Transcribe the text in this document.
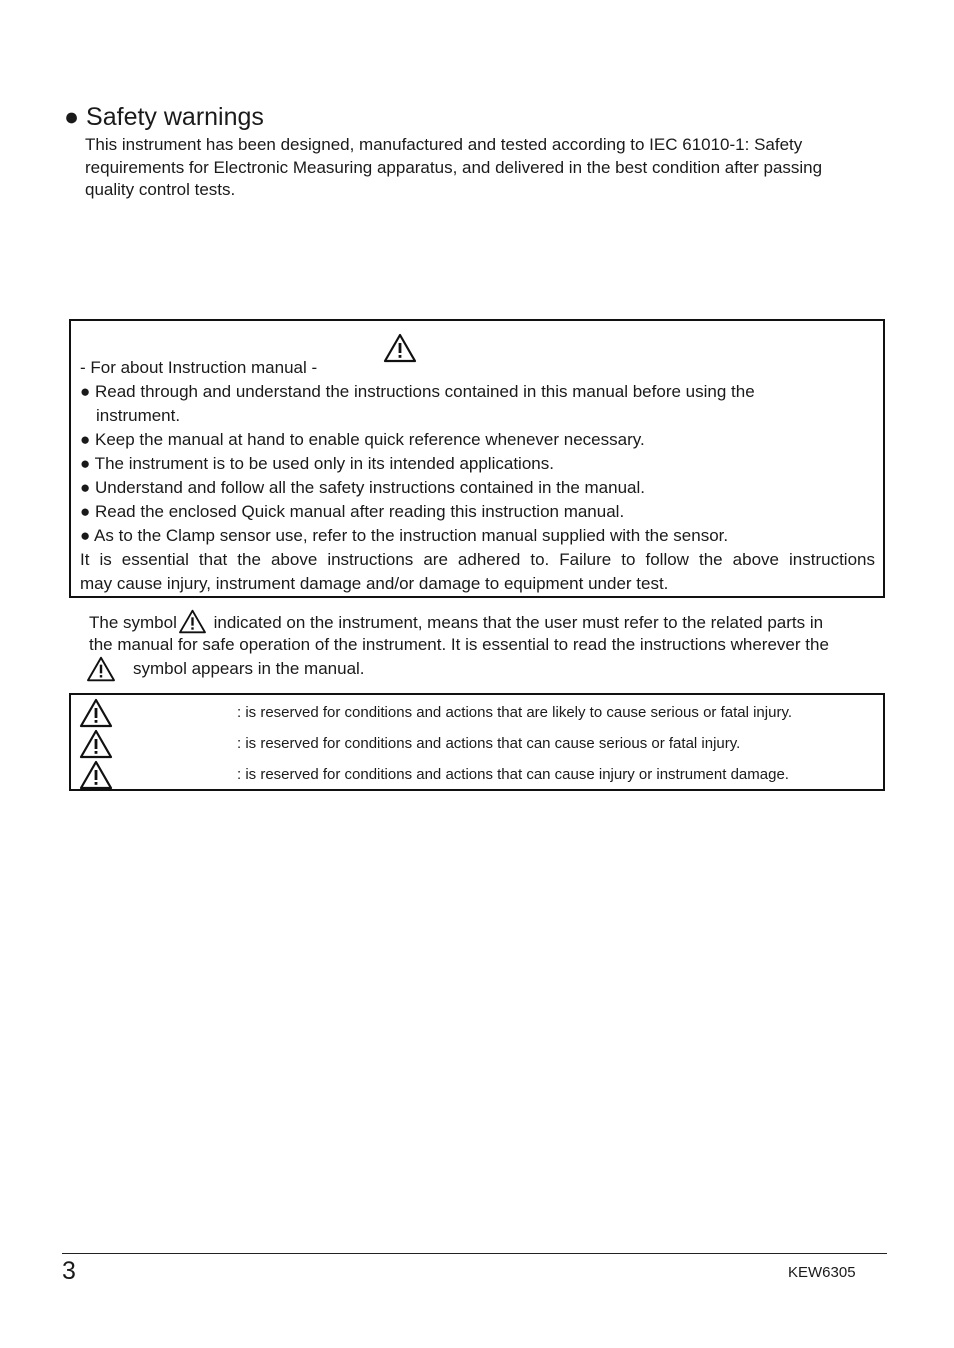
● Safety warnings
This instrument has been designed, manufactured and tested according to IEC 61010-1: Safety
requirements for Electronic Measuring apparatus, and delivered in the best condition after passing
quality control tests.
- For about Instruction manual -
● Read through and understand the instructions contained in this manual before using the
instrument.
● Keep the manual at hand to enable quick reference whenever necessary.
● The instrument is to be used only in its intended applications.
● Understand and follow all the safety instructions contained in the manual.
● Read the enclosed Quick manual after reading this instruction manual.
● As to the Clamp sensor use, refer to the instruction manual supplied with the sensor.
It is essential that the above instructions are adhered to. Failure to follow the above instructions
may cause injury, instrument damage and/or damage to equipment under test.
The symbol
indicated on the instrument, means that the user must refer to the related parts in
the manual for safe operation of the instrument. It is essential to read the instructions wherever the
symbol appears in the manual.
: is reserved for conditions and actions that are likely to cause serious or fatal injury.
: is reserved for conditions and actions that can cause serious or fatal injury.
: is reserved for conditions and actions that can cause injury or instrument damage.
3	KEW6305
